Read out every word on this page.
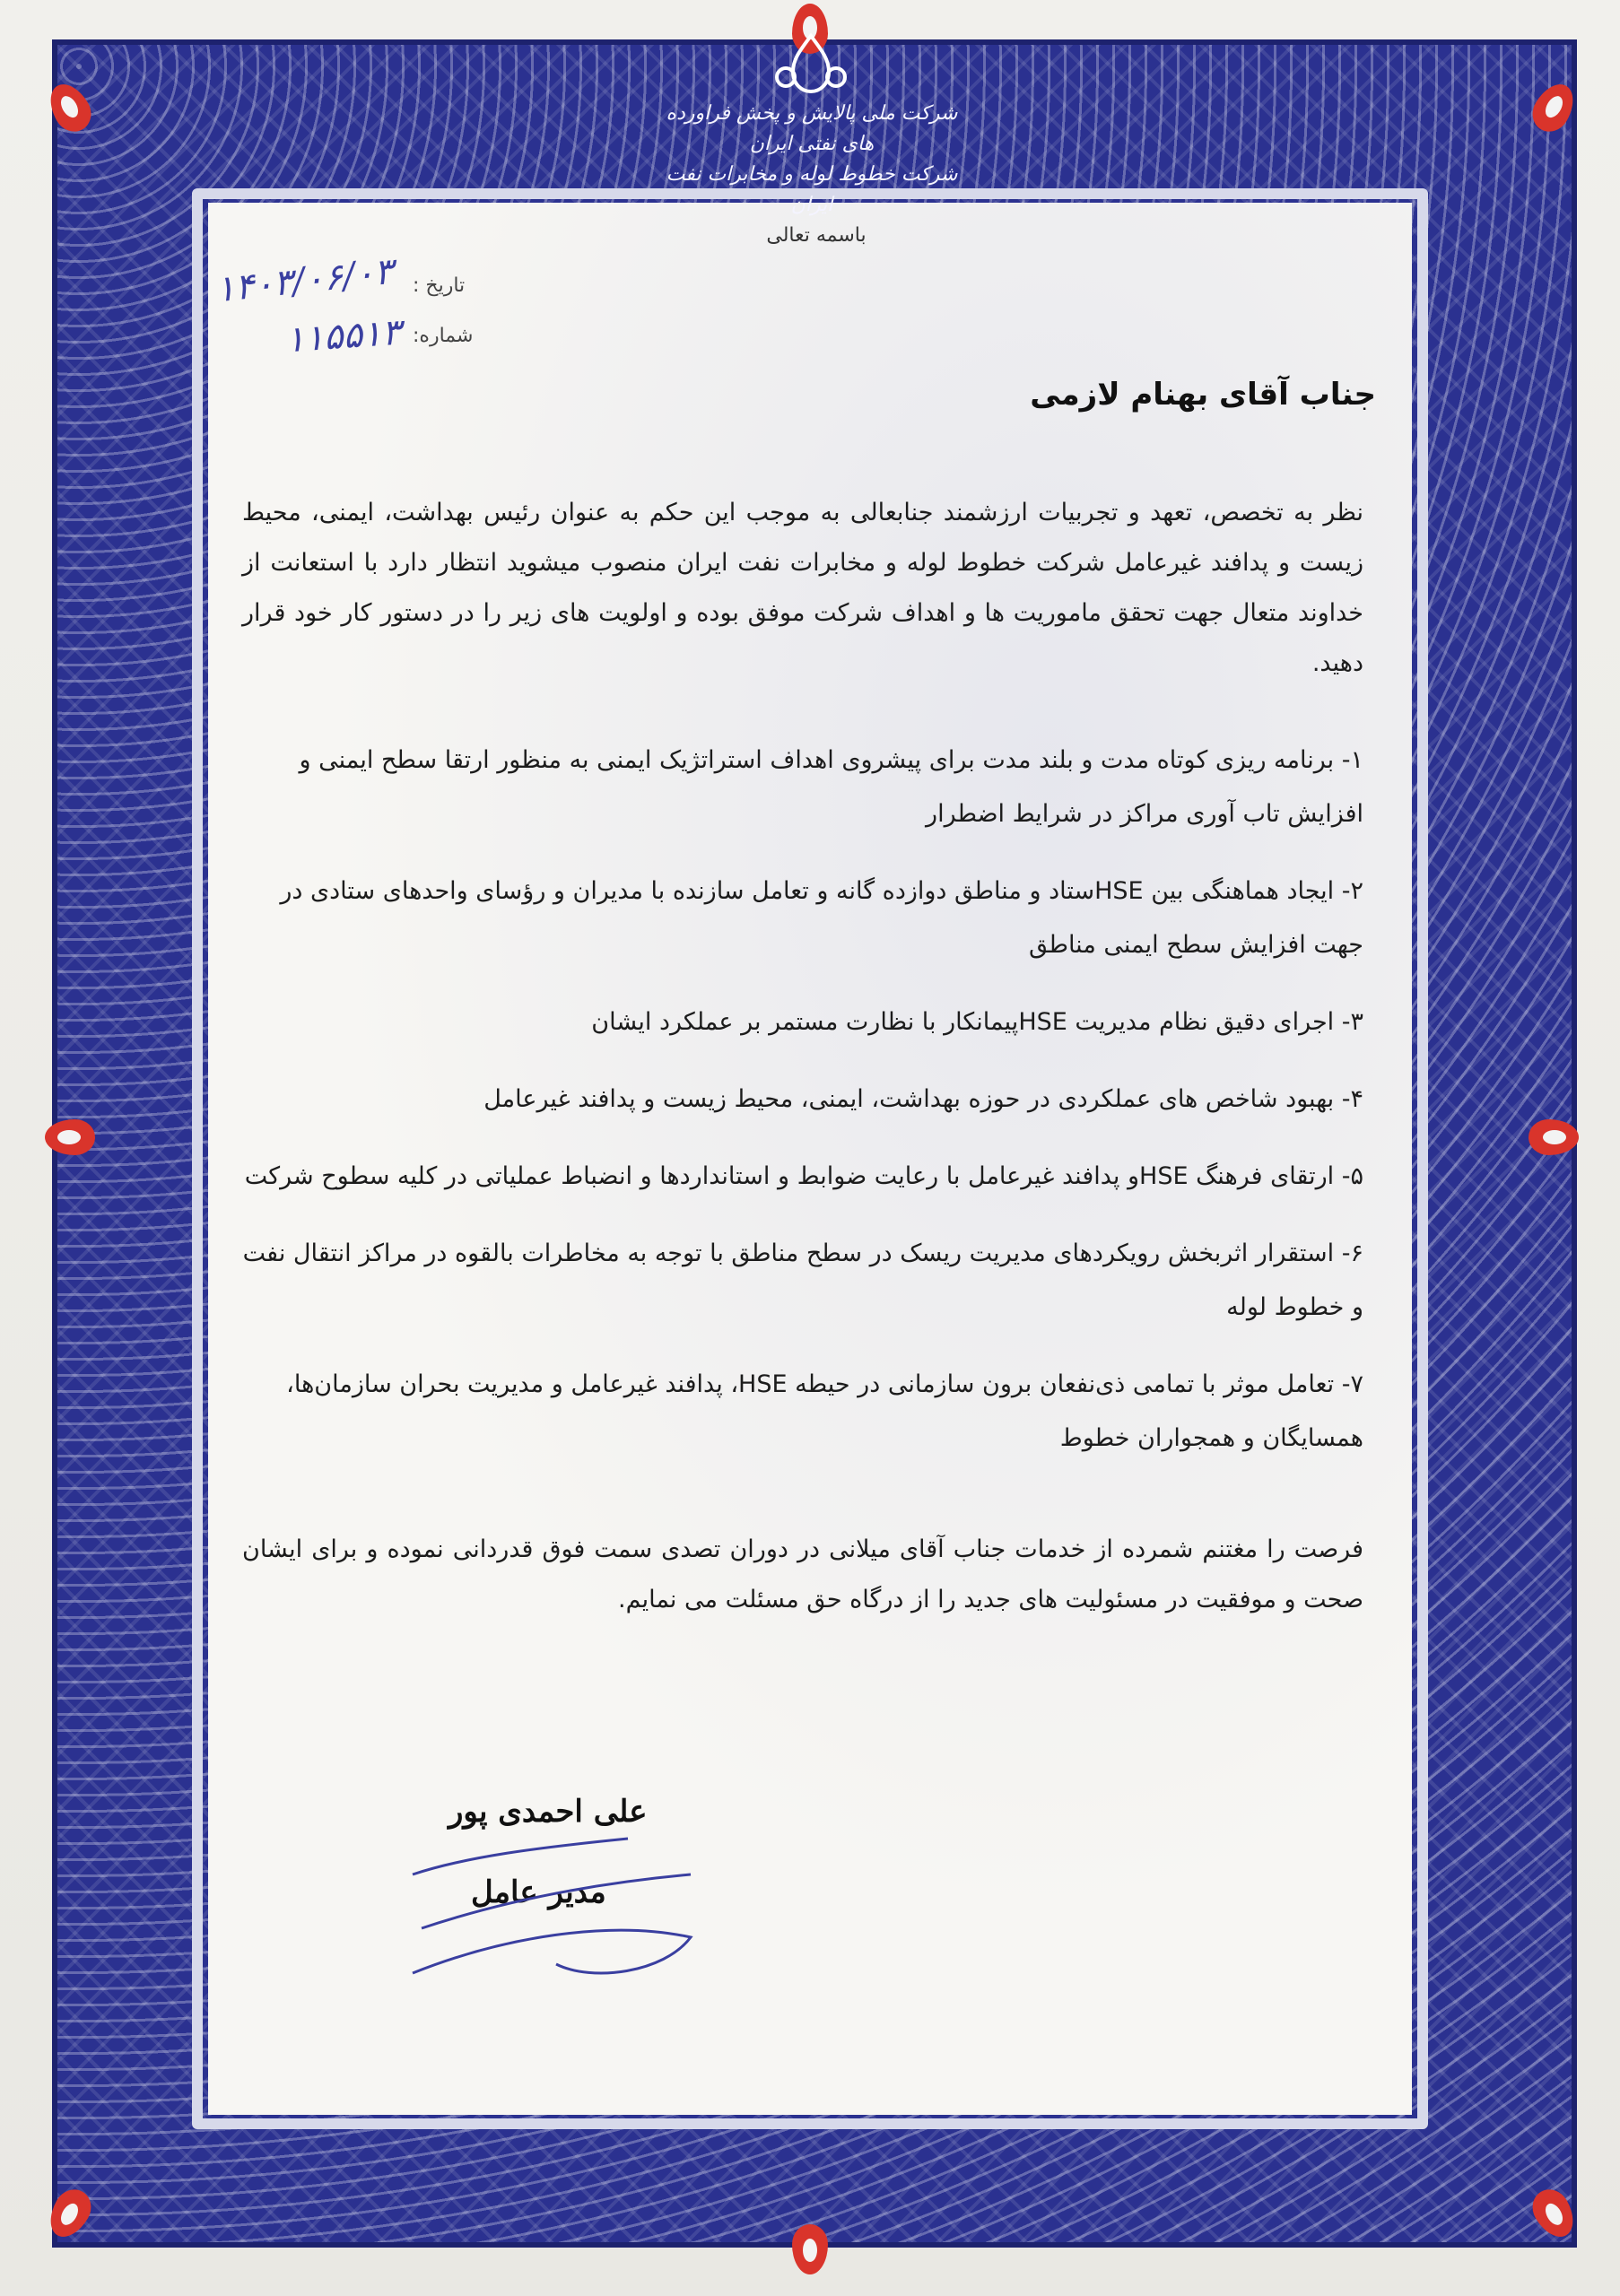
شرکت ملی پالایش و پخش فراورده های نفتی ایران
شرکت خطوط لوله و مخابرات نفت ایران
باسمه تعالی
تاریخ :
شماره:
۱۴۰۳/۰۶/۰۳
۱۱۵۵۱۳
جناب آقای بهنام لازمی
نظر به تخصص، تعهد و تجربیات ارزشمند جنابعالی به موجب این حکم به عنوان رئیس بهداشت، ایمنی، محیط زیست و پدافند غیرعامل شرکت خطوط لوله و مخابرات نفت ایران منصوب میشوید انتظار دارد با استعانت از خداوند متعال جهت تحقق ماموریت ها و اهداف شرکت موفق بوده و اولویت های زیر را در دستور کار خود قرار دهید.
۱- برنامه ریزی کوتاه مدت و بلند مدت برای پیشروی اهداف استراتژیک ایمنی به منظور ارتقا سطح ایمنی و افزایش تاب آوری مراکز در شرایط اضطرار
۲- ایجاد هماهنگی بین HSEستاد و مناطق دوازده گانه و تعامل سازنده با مدیران و رؤسای واحدهای ستادی در جهت افزایش سطح ایمنی مناطق
۳- اجرای دقیق نظام مدیریت HSEپیمانکار با نظارت مستمر بر عملکرد ایشان
۴- بهبود شاخص های عملکردی در حوزه بهداشت، ایمنی، محیط زیست و پدافند غیرعامل
۵- ارتقای فرهنگ HSEو پدافند غیرعامل با رعایت ضوابط و استانداردها و انضباط عملیاتی در کلیه سطوح شرکت
۶- استقرار اثربخش رویکردهای مدیریت ریسک در سطح مناطق با توجه به مخاطرات بالقوه در مراکز انتقال نفت و خطوط لوله
۷- تعامل موثر با تمامی ذی‌نفعان برون سازمانی در حیطه HSE، پدافند غیرعامل و مدیریت بحران سازمان‌ها، همسایگان و همجواران خطوط
فرصت را مغتنم شمرده از خدمات جناب آقای میلانی در دوران تصدی سمت فوق قدردانی نموده و برای ایشان صحت و موفقیت در مسئولیت های جدید را از درگاه حق مسئلت می نمایم.
علی احمدی پور
مدیر عامل
